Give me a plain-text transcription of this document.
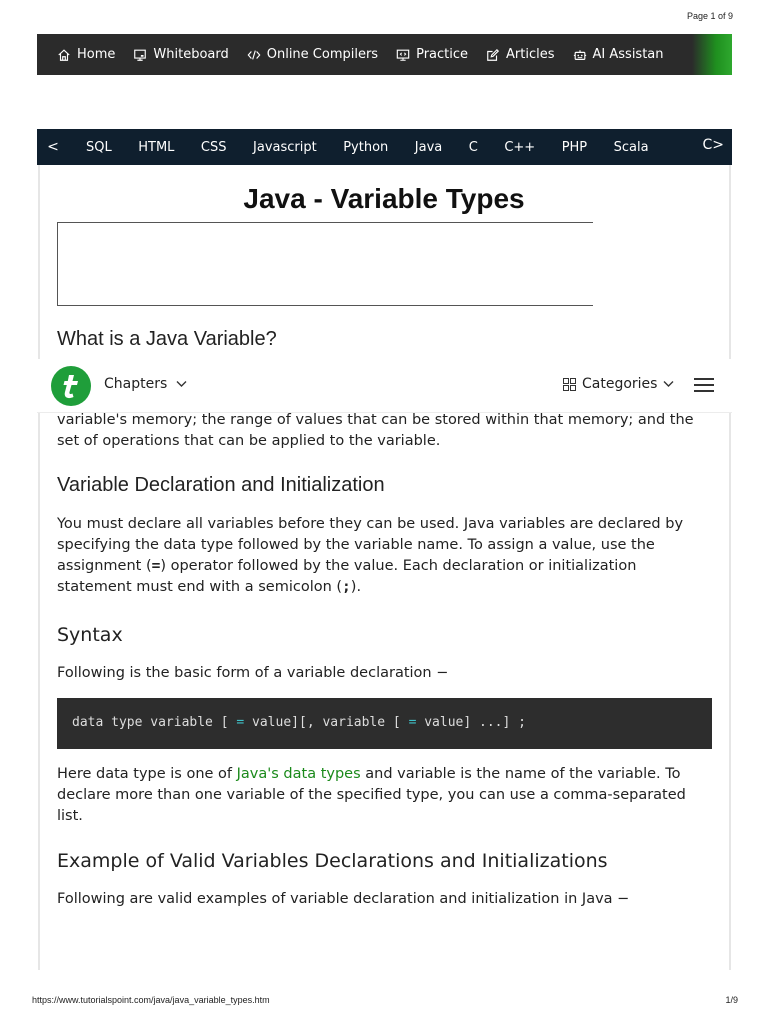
Page 1 of 9
Home	Whiteboard	Online Compilers	Practice	Articles	AI Assistan
<	SQL HTML CSS Javascript Python Java C C++ PHP Scala	C>
Java - Variable Types
What is a Java Variable?
Chapters	Categories

variable's memory; the range of values that can be stored within that memory; and the set of operations that can be applied to the variable.

Variable Declaration and Initialization

You must declare all variables before they can be used. Java variables are declared by specifying the data type followed by the variable name. To assign a value, use the assignment (=) operator followed by the value. Each declaration or initialization statement must end with a semicolon (;).

Syntax

Following is the basic form of a variable declaration −

data type variable [ = value][, variable [ = value] ...] ;

Here data type is one of Java's data types and variable is the name of the variable. To declare more than one variable of the specified type, you can use a comma-separated list.

Example of Valid Variables Declarations and Initializations

Following are valid examples of variable declaration and initialization in Java −

https://www.tutorialspoint.com/java/java_variable_types.htm	1/9
